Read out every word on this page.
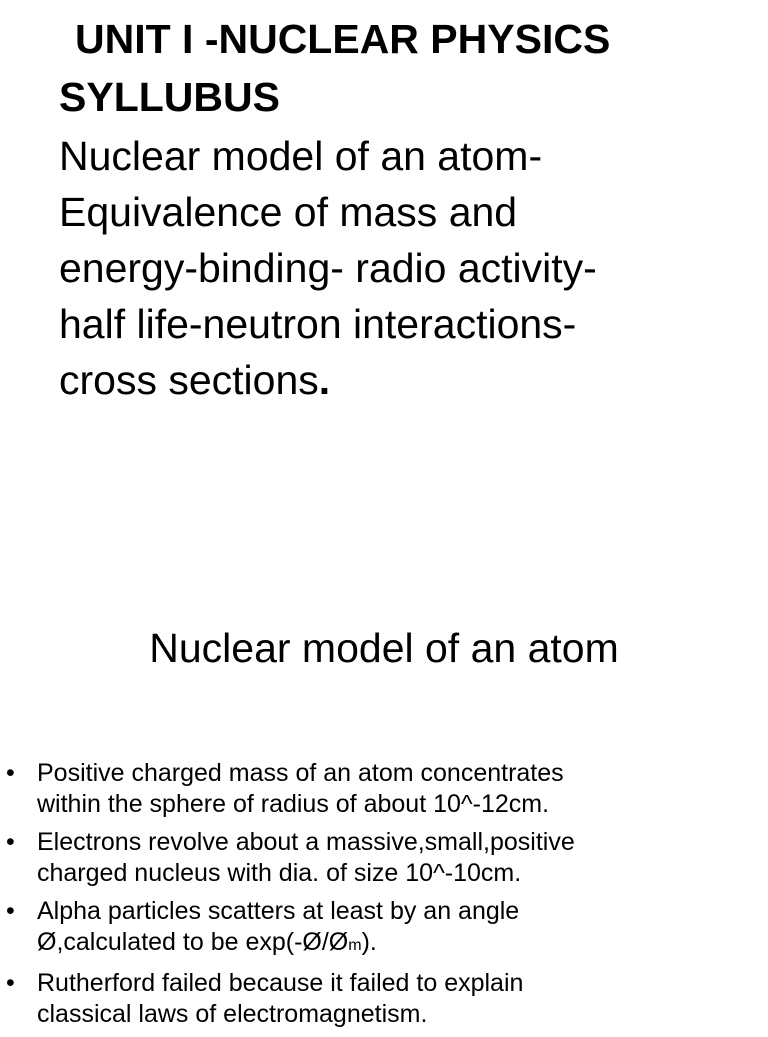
UNIT I -NUCLEAR PHYSICS
SYLLUBUS
Nuclear model of an atom-
Equivalence of mass and
energy-binding- radio activity-
half life-neutron interactions-
cross sections.
Nuclear model of an atom
• Positive charged mass of an atom concentrates
within the sphere of radius of about 10^-12cm.
• Electrons revolve about a massive,small,positive
charged nucleus with dia. of size 10^-10cm.
• Alpha particles scatters at least by an angle
Ø,calculated to be exp(-Ø/Øm).
• Rutherford failed because it failed to explain
classical laws of electromagnetism.
